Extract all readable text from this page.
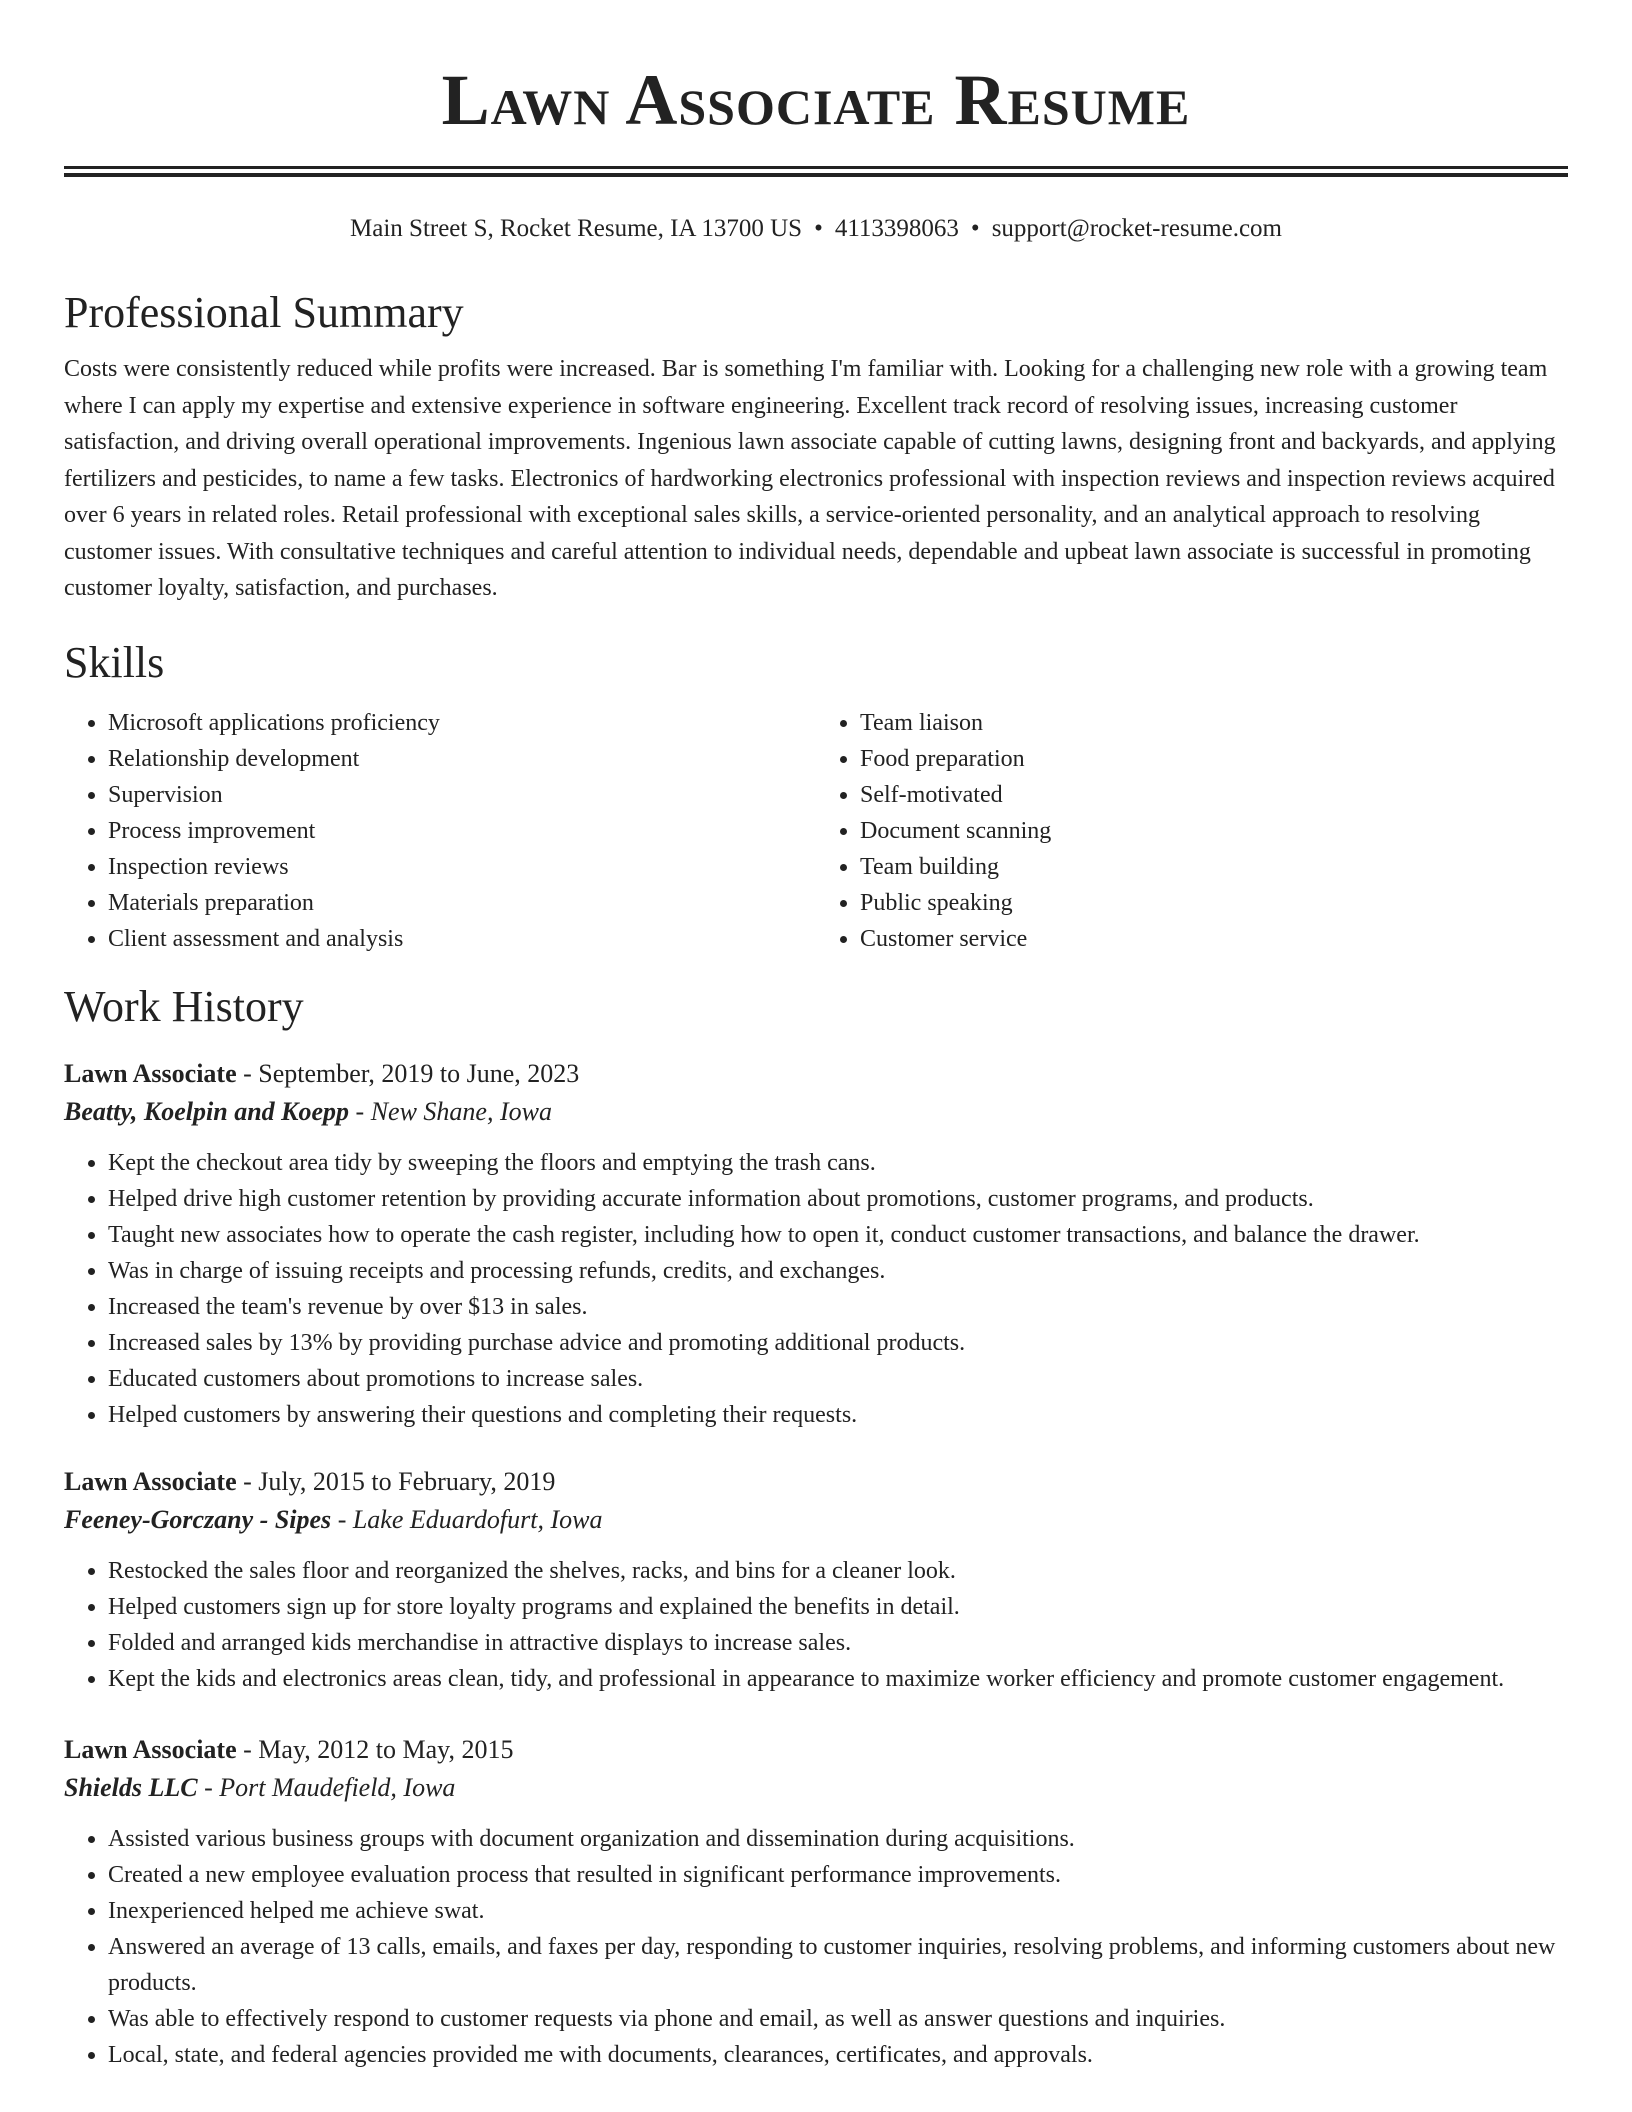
Lawn Associate Resume
Main Street S, Rocket Resume, IA 13700 US • 4113398063 • support@rocket-resume.com
Professional Summary

Costs were consistently reduced while profits were increased. Bar is something I'm familiar with. Looking for a challenging new role with a growing team where I can apply my expertise and extensive experience in software engineering. Excellent track record of resolving issues, increasing customer satisfaction, and driving overall operational improvements. Ingenious lawn associate capable of cutting lawns, designing front and backyards, and applying fertilizers and pesticides, to name a few tasks. Electronics of hardworking electronics professional with inspection reviews and inspection reviews acquired over 6 years in related roles. Retail professional with exceptional sales skills, a service-oriented personality, and an analytical approach to resolving customer issues. With consultative techniques and careful attention to individual needs, dependable and upbeat lawn associate is successful in promoting customer loyalty, satisfaction, and purchases.

Skills
• Microsoft applications proficiency
• Relationship development
• Supervision
• Process improvement
• Inspection reviews
• Materials preparation
• Client assessment and analysis
• Team liaison
• Food preparation
• Self-motivated
• Document scanning
• Team building
• Public speaking
• Customer service
Work History
Lawn Associate - September, 2019 to June, 2023
Beatty, Koelpin and Koepp - New Shane, Iowa
• Kept the checkout area tidy by sweeping the floors and emptying the trash cans.
• Helped drive high customer retention by providing accurate information about promotions, customer programs, and products.
• Taught new associates how to operate the cash register, including how to open it, conduct customer transactions, and balance the drawer.
• Was in charge of issuing receipts and processing refunds, credits, and exchanges.
• Increased the team's revenue by over $13 in sales.
• Increased sales by 13% by providing purchase advice and promoting additional products.
• Educated customers about promotions to increase sales.
• Helped customers by answering their questions and completing their requests.
Lawn Associate - July, 2015 to February, 2019
Feeney-Gorczany - Sipes - Lake Eduardofurt, Iowa
• Restocked the sales floor and reorganized the shelves, racks, and bins for a cleaner look.
• Helped customers sign up for store loyalty programs and explained the benefits in detail.
• Folded and arranged kids merchandise in attractive displays to increase sales.
• Kept the kids and electronics areas clean, tidy, and professional in appearance to maximize worker efficiency and promote customer engagement.
Lawn Associate - May, 2012 to May, 2015
Shields LLC - Port Maudefield, Iowa
• Assisted various business groups with document organization and dissemination during acquisitions.
• Created a new employee evaluation process that resulted in significant performance improvements.
• Inexperienced helped me achieve swat.
• Answered an average of 13 calls, emails, and faxes per day, responding to customer inquiries, resolving problems, and informing customers about new products.
• Was able to effectively respond to customer requests via phone and email, as well as answer questions and inquiries.
• Local, state, and federal agencies provided me with documents, clearances, certificates, and approvals.
